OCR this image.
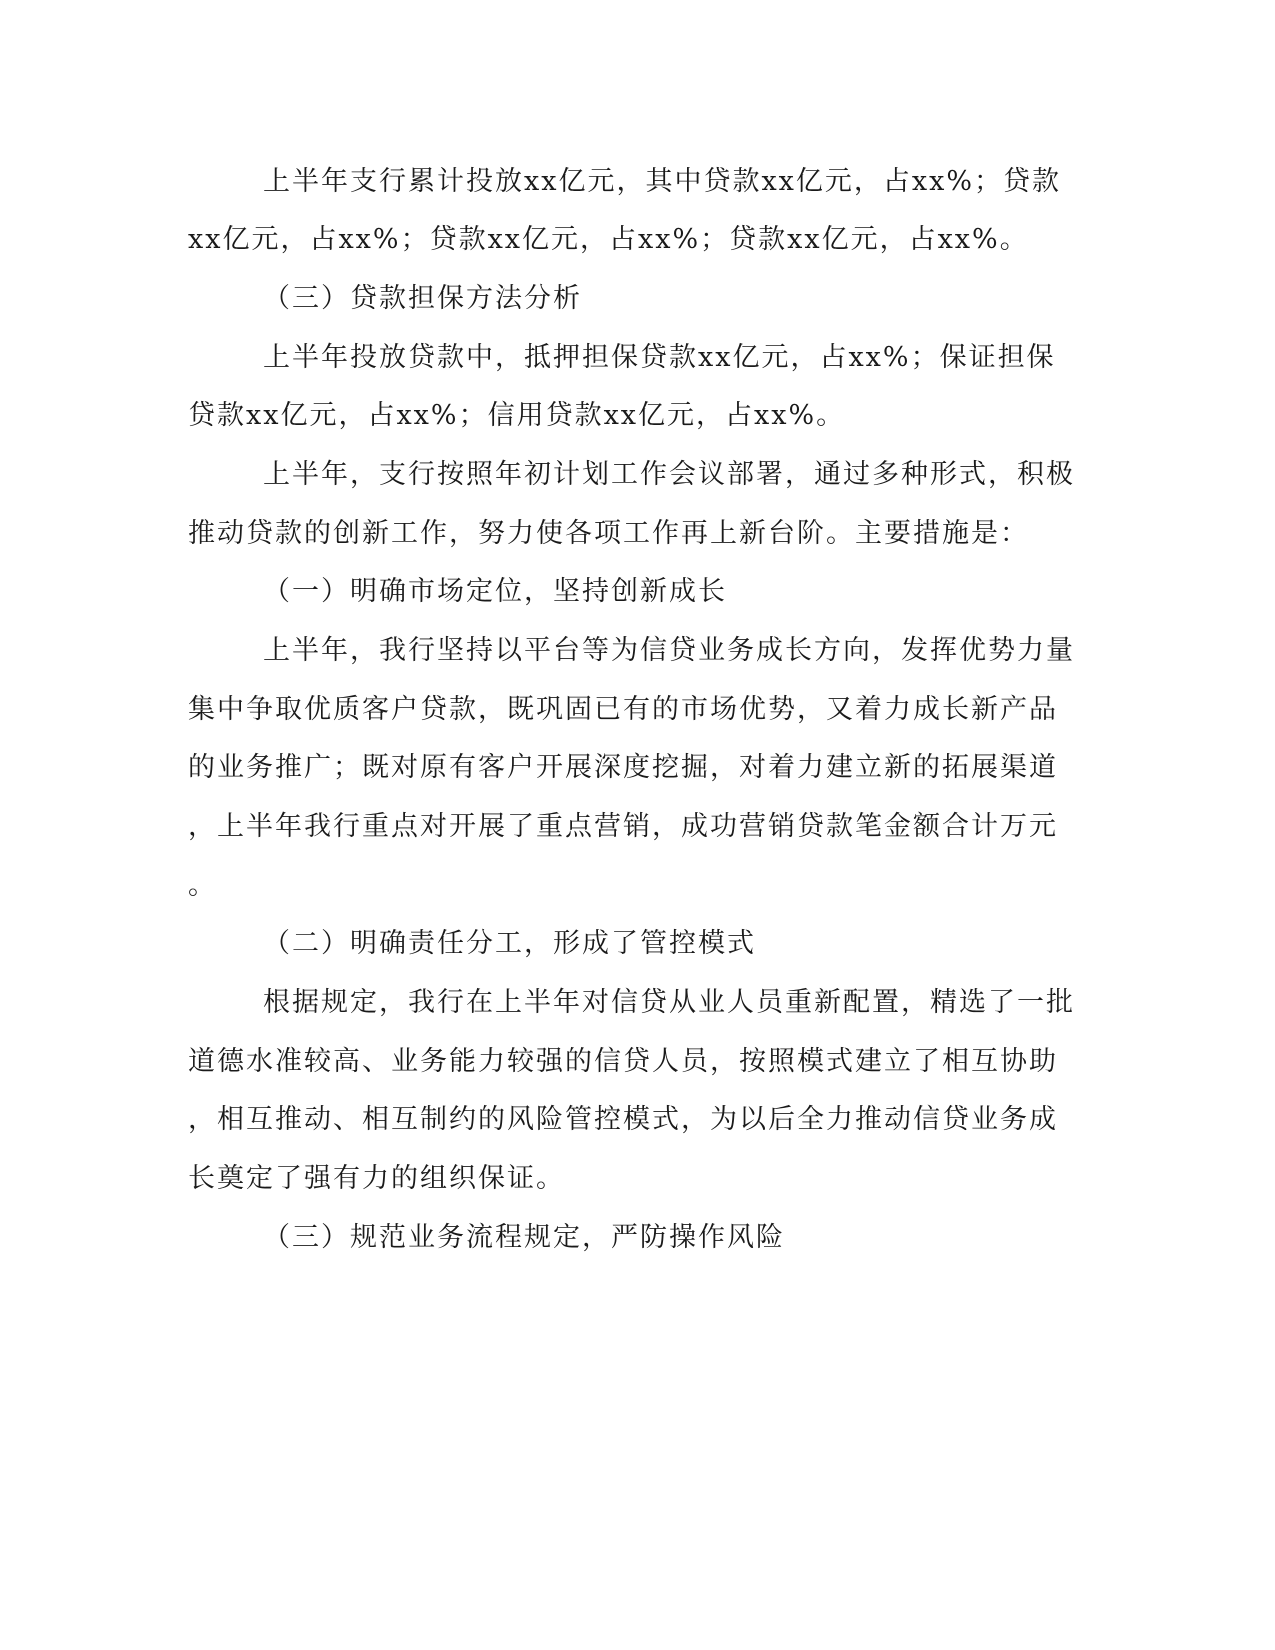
上半年支行累计投放xx亿元，其中贷款xx亿元，占xx%；贷款
xx亿元，占xx%；贷款xx亿元，占xx%；贷款xx亿元，占xx%。
（三）贷款担保方法分析
上半年投放贷款中，抵押担保贷款xx亿元，占xx%；保证担保
贷款xx亿元，占xx%；信用贷款xx亿元，占xx%。
上半年，支行按照年初计划工作会议部署，通过多种形式，积极
推动贷款的创新工作，努力使各项工作再上新台阶。主要措施是：
（一）明确市场定位，坚持创新成长
上半年，我行坚持以平台等为信贷业务成长方向，发挥优势力量
集中争取优质客户贷款，既巩固已有的市场优势，又着力成长新产品
的业务推广；既对原有客户开展深度挖掘，对着力建立新的拓展渠道
，上半年我行重点对开展了重点营销，成功营销贷款笔金额合计万元
。
（二）明确责任分工，形成了管控模式
根据规定，我行在上半年对信贷从业人员重新配置，精选了一批
道德水准较高、业务能力较强的信贷人员，按照模式建立了相互协助
，相互推动、相互制约的风险管控模式，为以后全力推动信贷业务成
长奠定了强有力的组织保证。
（三）规范业务流程规定，严防操作风险
